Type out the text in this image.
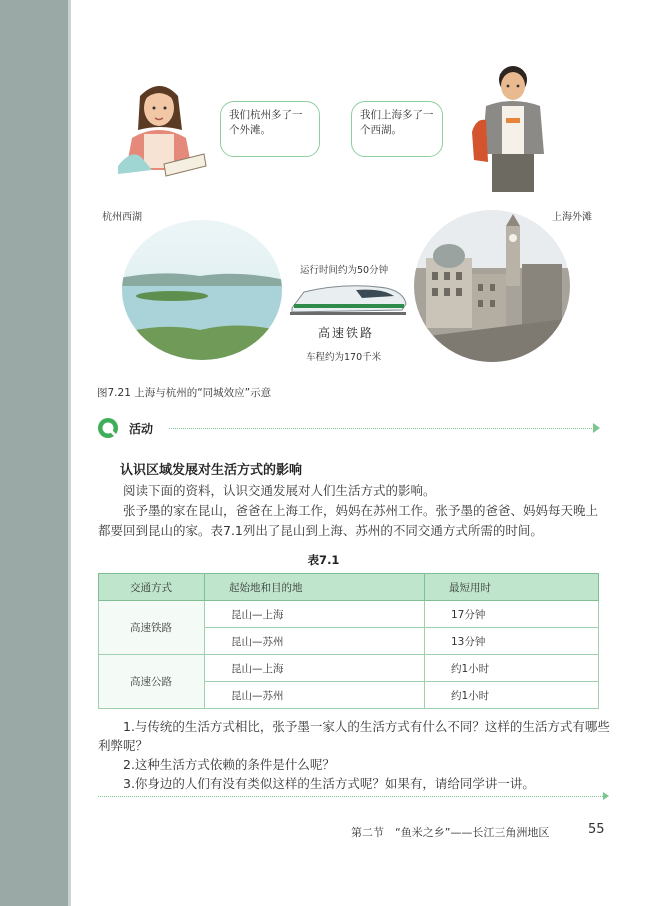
我们杭州多了一个外滩。
我们上海多了一个西湖。
杭州西湖	上海外滩
运行时间约为50分钟
高速铁路
车程约为170千米
图7.21 上海与杭州的“同城效应”示意
活动
认识区域发展对生活方式的影响
阅读下面的资料，认识交通发展对人们生活方式的影响。
张予墨的家在昆山，爸爸在上海工作，妈妈在苏州工作。张予墨的爸爸、妈妈每天晚上都要回到昆山的家。表7.1列出了昆山到上海、苏州的不同交通方式所需的时间。
表7.1
交通方式	起始地和目的地	最短用时
高速铁路	昆山—上海	17分钟
	昆山—苏州	13分钟
高速公路	昆山—上海	约1小时
	昆山—苏州	约1小时
1.与传统的生活方式相比，张予墨一家人的生活方式有什么不同？这样的生活方式有哪些利弊呢？
2.这种生活方式依赖的条件是什么呢？
3.你身边的人们有没有类似这样的生活方式呢？如果有，请给同学讲一讲。
第二节　“鱼米之乡”——长江三角洲地区	55
